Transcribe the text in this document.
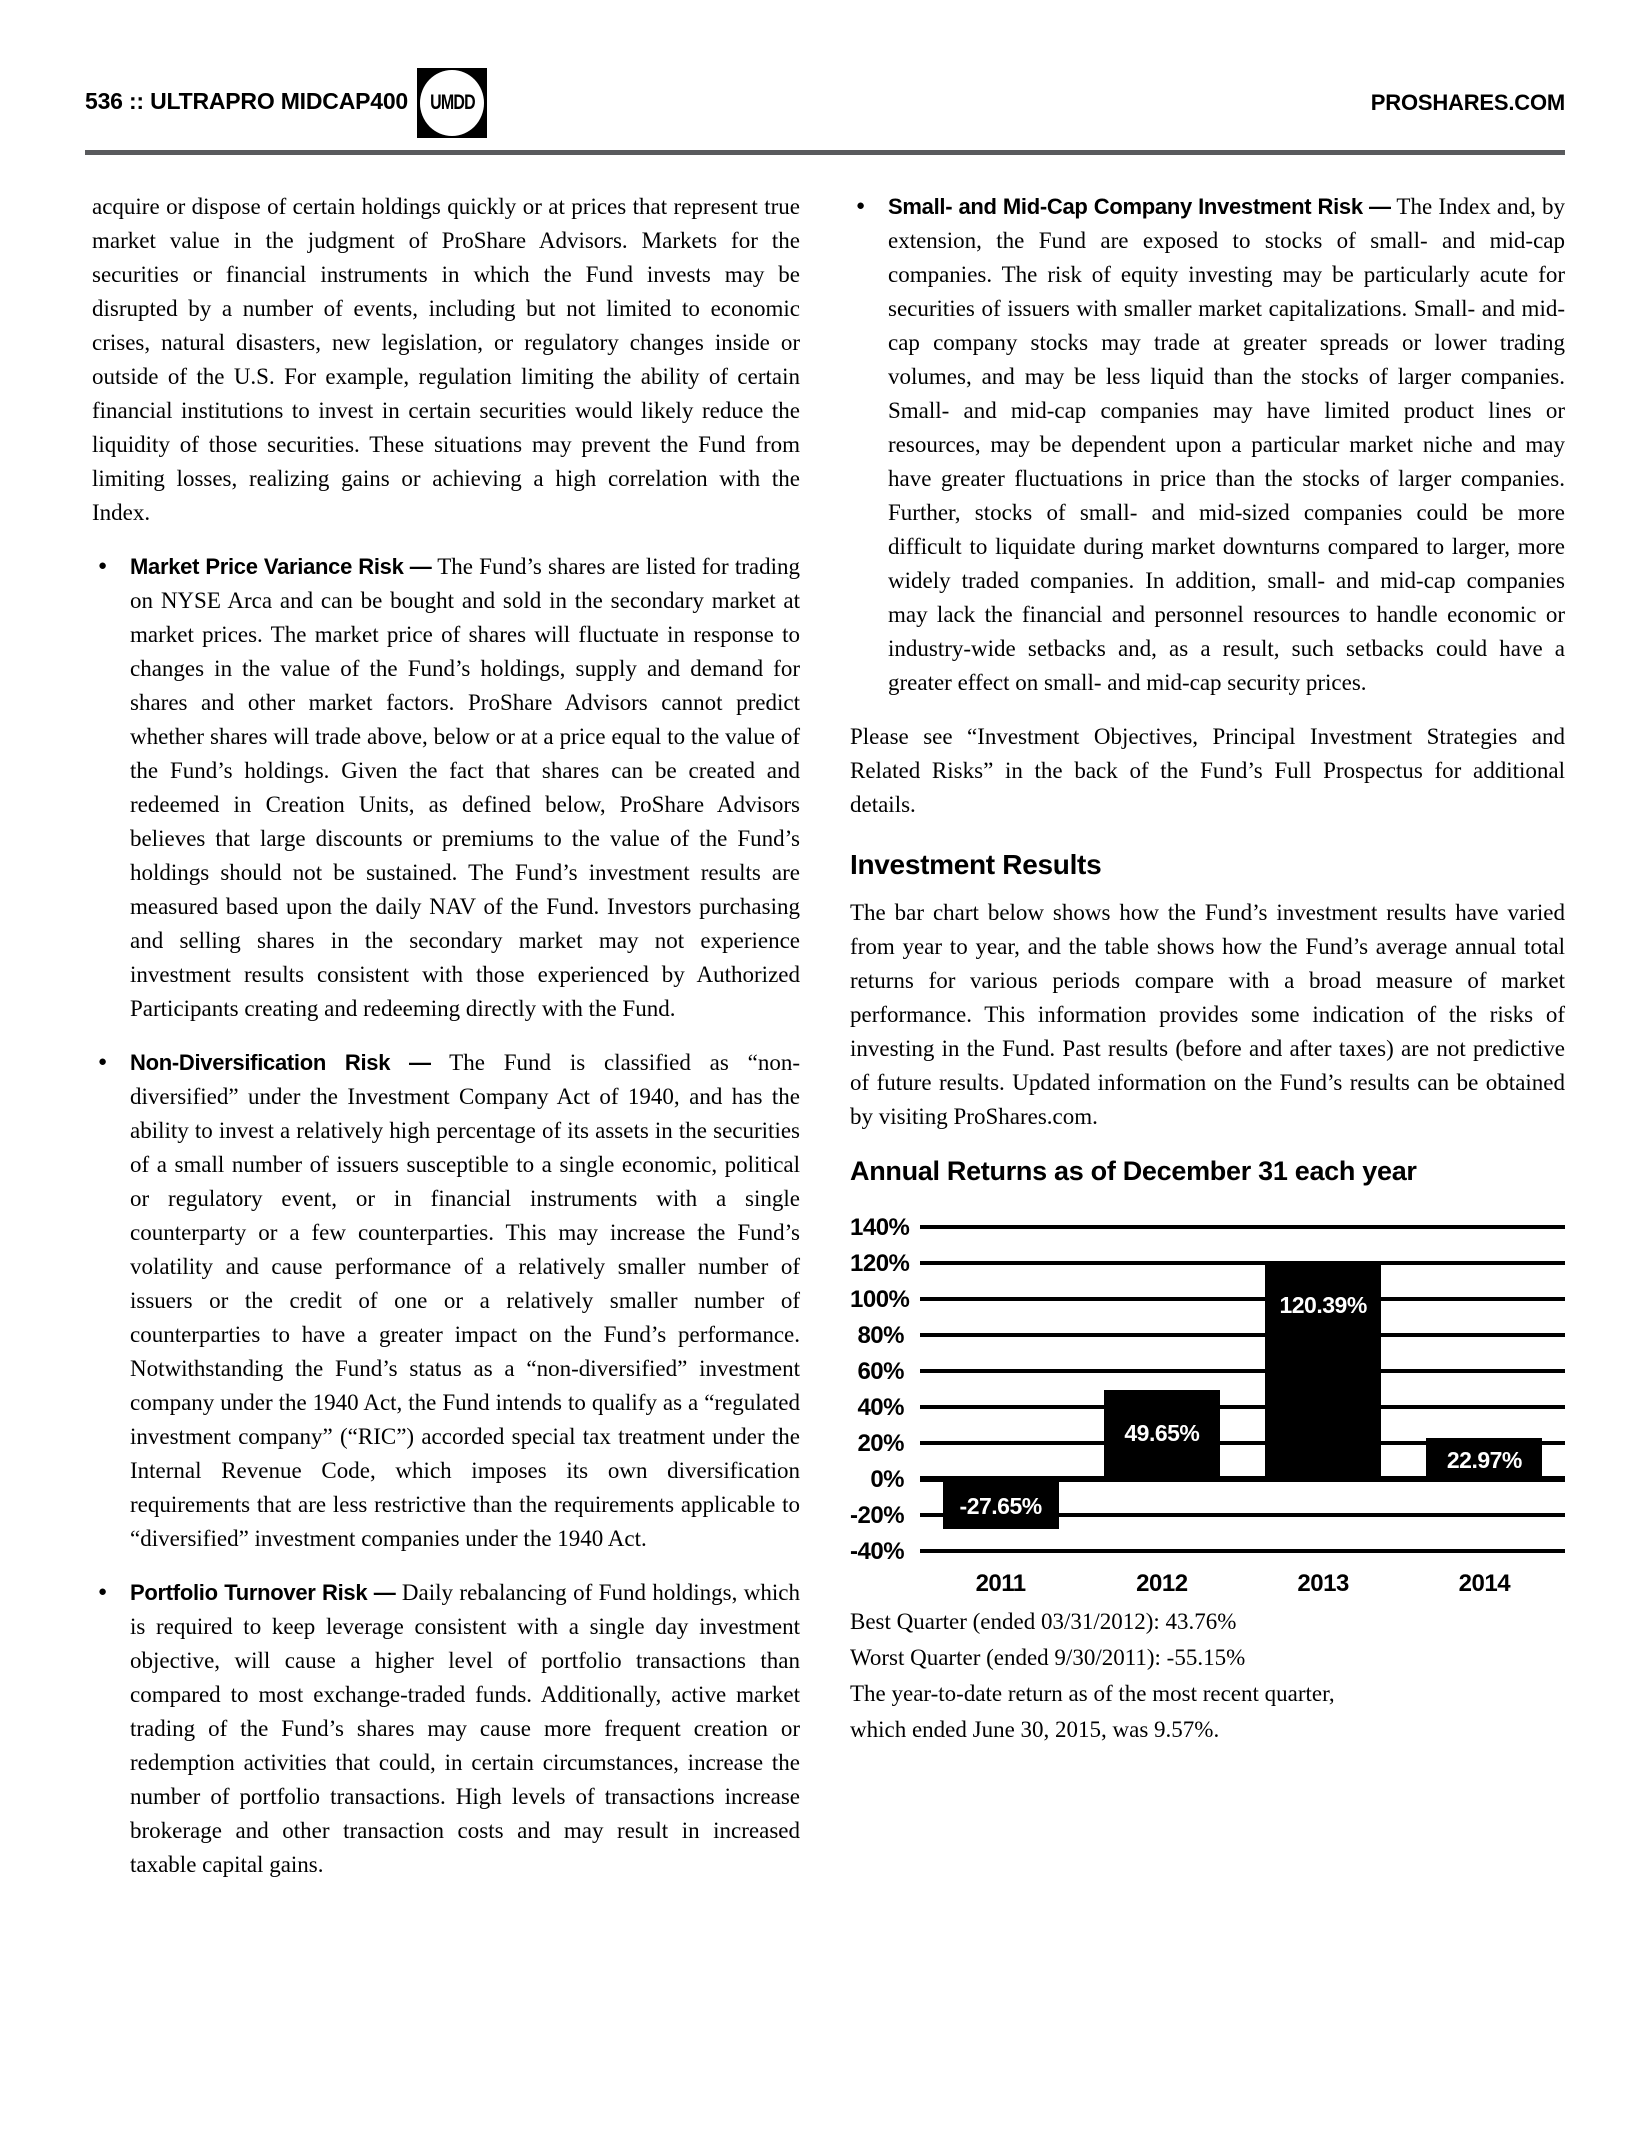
536 :: ULTRAPRO MIDCAP400 UMDD	PROSHARES.COM

acquire or dispose of certain holdings quickly or at prices that represent true market value in the judgment of ProShare Advisors. Markets for the securities or financial instruments in which the Fund invests may be disrupted by a number of events, including but not limited to economic crises, natural disasters, new legislation, or regulatory changes inside or outside of the U.S. For example, regulation limiting the ability of certain financial institutions to invest in certain securities would likely reduce the liquidity of those securities. These situations may prevent the Fund from limiting losses, realizing gains or achieving a high correlation with the Index.

● Market Price Variance Risk — The Fund’s shares are listed for trading on NYSE Arca and can be bought and sold in the secondary market at market prices. The market price of shares will fluctuate in response to changes in the value of the Fund’s holdings, supply and demand for shares and other market factors. ProShare Advisors cannot predict whether shares will trade above, below or at a price equal to the value of the Fund’s holdings. Given the fact that shares can be created and redeemed in Creation Units, as defined below, ProShare Advisors believes that large discounts or premiums to the value of the Fund’s holdings should not be sustained. The Fund’s investment results are measured based upon the daily NAV of the Fund. Investors purchasing and selling shares in the secondary market may not experience investment results consistent with those experienced by Authorized Participants creating and redeeming directly with the Fund.
● Non-Diversification Risk — The Fund is classified as “non-diversified” under the Investment Company Act of 1940, and has the ability to invest a relatively high percentage of its assets in the securities of a small number of issuers susceptible to a single economic, political or regulatory event, or in financial instruments with a single counterparty or a few counterparties. This may increase the Fund’s volatility and cause performance of a relatively smaller number of issuers or the credit of one or a relatively smaller number of counterparties to have a greater impact on the Fund’s performance. Notwithstanding the Fund’s status as a “non-diversified” investment company under the 1940 Act, the Fund intends to qualify as a “regulated investment company” (“RIC”) accorded special tax treatment under the Internal Revenue Code, which imposes its own diversification requirements that are less restrictive than the requirements applicable to “diversified” investment companies under the 1940 Act.
● Portfolio Turnover Risk — Daily rebalancing of Fund holdings, which is required to keep leverage consistent with a single day investment objective, will cause a higher level of portfolio transactions than compared to most exchange-traded funds. Additionally, active market trading of the Fund’s shares may cause more frequent creation or redemption activities that could, in certain circumstances, increase the number of portfolio transactions. High levels of transactions increase brokerage and other transaction costs and may result in increased taxable capital gains.
● Small- and Mid-Cap Company Investment Risk — The Index and, by extension, the Fund are exposed to stocks of small- and mid-cap companies. The risk of equity investing may be particularly acute for securities of issuers with smaller market capitalizations. Small- and mid-cap company stocks may trade at greater spreads or lower trading volumes, and may be less liquid than the stocks of larger companies. Small- and mid-cap companies may have limited product lines or resources, may be dependent upon a particular market niche and may have greater fluctuations in price than the stocks of larger companies. Further, stocks of small- and mid-sized companies could be more difficult to liquidate during market downturns compared to larger, more widely traded companies. In addition, small- and mid-cap companies may lack the financial and personnel resources to handle economic or industry-wide setbacks and, as a result, such setbacks could have a greater effect on small- and mid-cap security prices.

Please see “Investment Objectives, Principal Investment Strategies and Related Risks” in the back of the Fund’s Full Prospectus for additional details.

Investment Results

The bar chart below shows how the Fund’s investment results have varied from year to year, and the table shows how the Fund’s average annual total returns for various periods compare with a broad measure of market performance. This information provides some indication of the risks of investing in the Fund. Past results (before and after taxes) are not predictive of future results. Updated information on the Fund’s results can be obtained by visiting ProShares.com.

Annual Returns as of December 31 each year
140%
120%
100%
80%
60%
40%
20%
0%
-20%
-40%
-27.65%
2011
49.65%
2012
120.39%
2013
22.97%
2014

Best Quarter (ended 03/31/2012): 43.76%
Worst Quarter (ended 9/30/2011): -55.15%
The year-to-date return as of the most recent quarter,
which ended June 30, 2015, was 9.57%.
